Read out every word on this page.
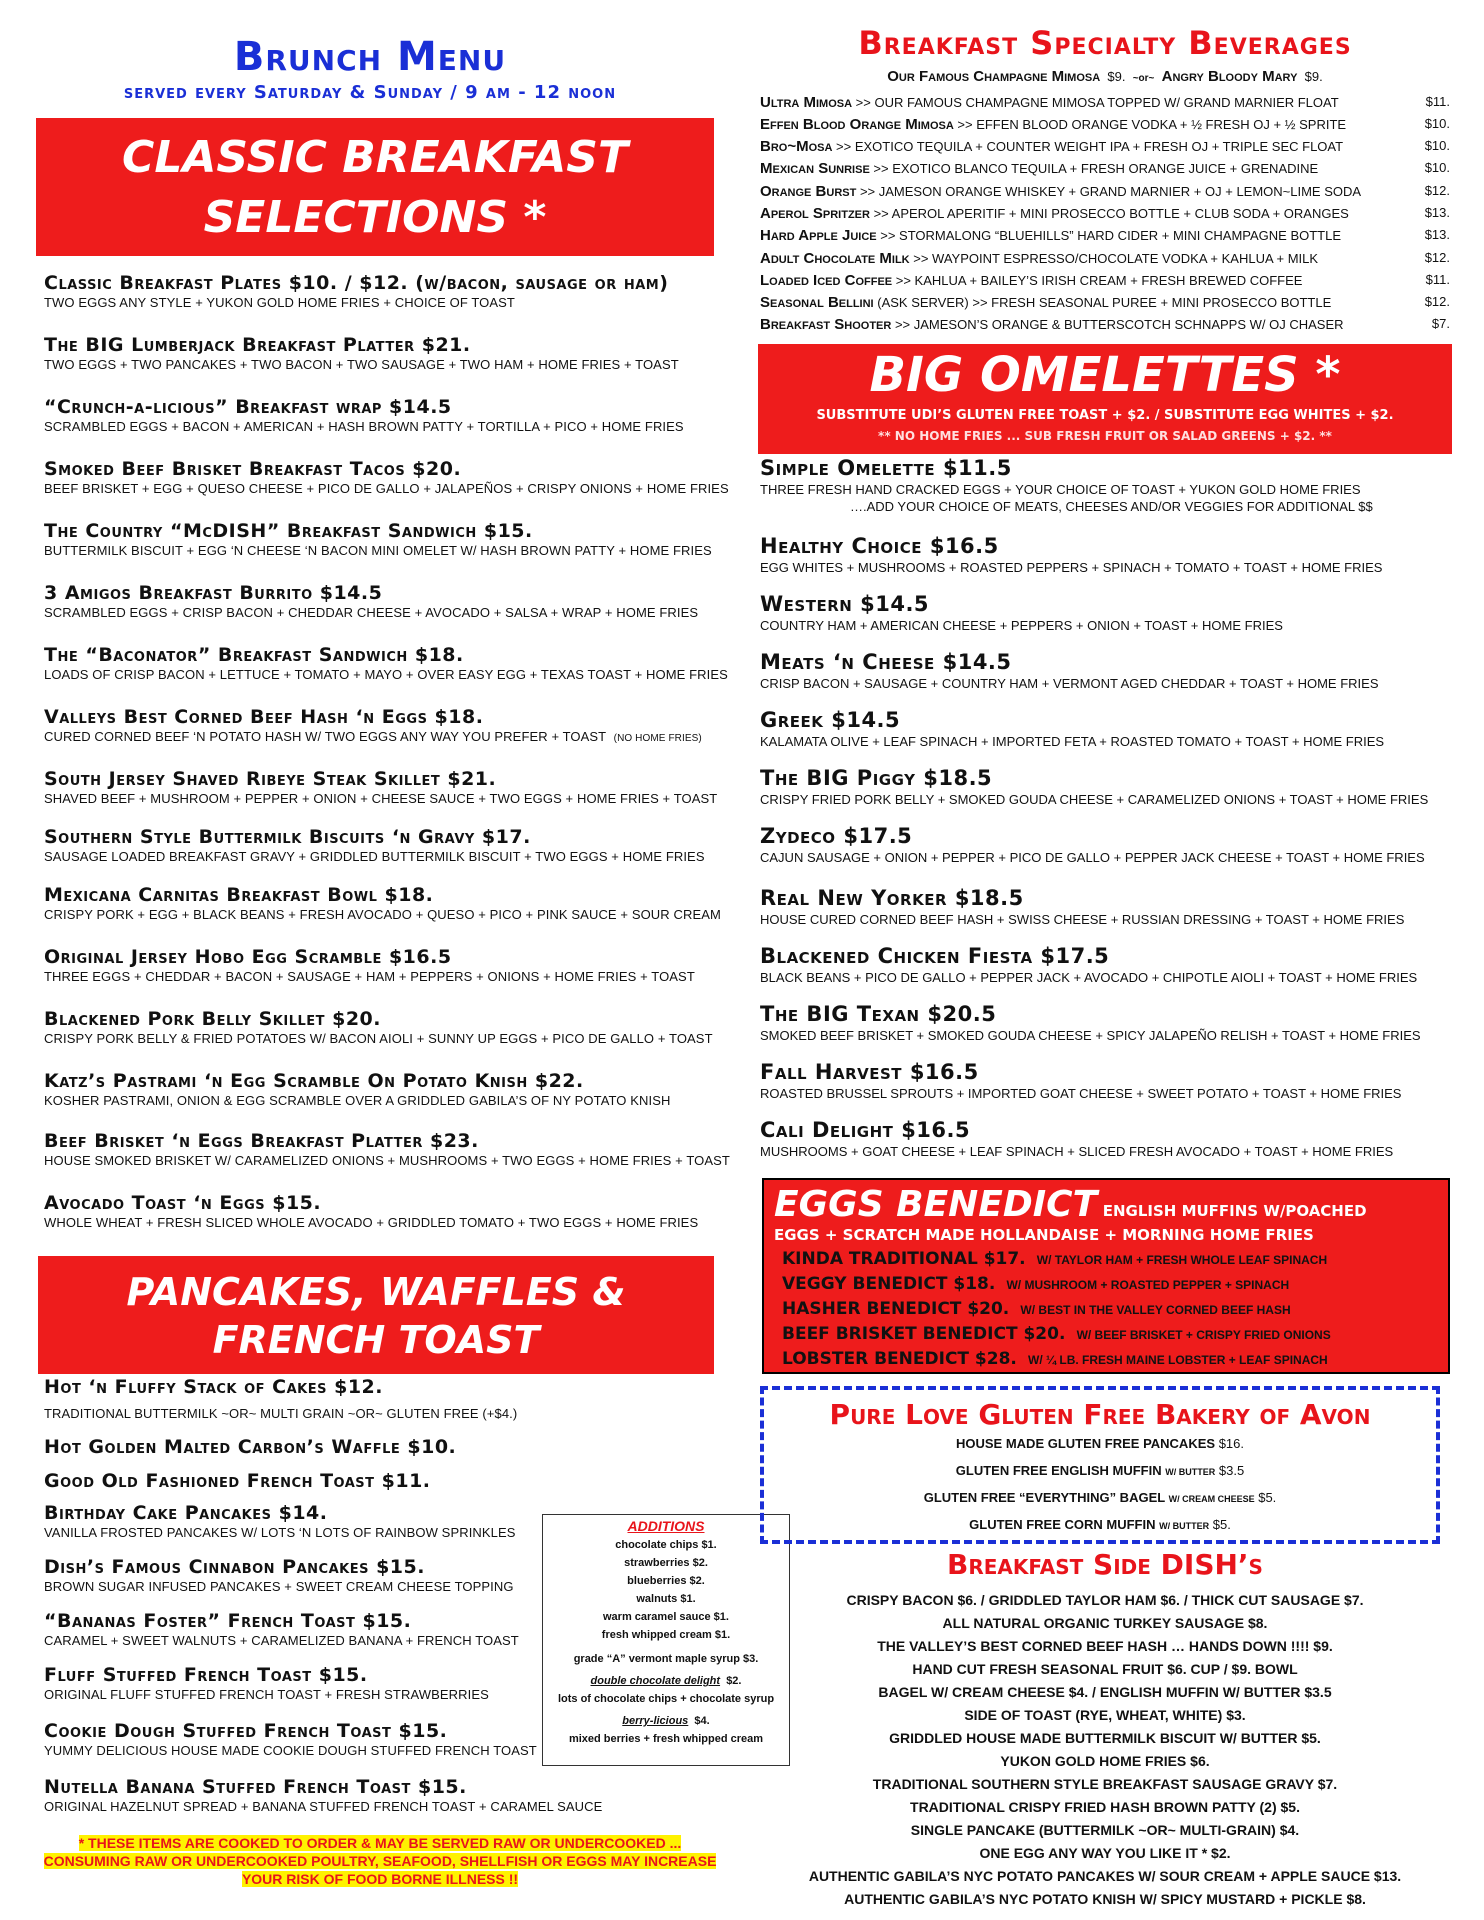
Brunch Menu
served every Saturday & Sunday / 9 am - 12 noon
CLASSIC BREAKFAST
SELECTIONS *
Classic Breakfast Plates $10. / $12. (w/bacon, sausage or ham)
TWO EGGS ANY STYLE + YUKON GOLD HOME FRIES + CHOICE OF TOAST
The BIG Lumberjack Breakfast Platter $21.
TWO EGGS + TWO PANCAKES + TWO BACON + TWO SAUSAGE + TWO HAM + HOME FRIES + TOAST
“Crunch-a-licious” Breakfast wrap $14.5
SCRAMBLED EGGS + BACON + AMERICAN + HASH BROWN PATTY + TORTILLA + PICO + HOME FRIES
Smoked Beef Brisket Breakfast Tacos $20.
BEEF BRISKET + EGG + QUESO CHEESE + PICO DE GALLO + JALAPEÑOS + CRISPY ONIONS + HOME FRIES
The Country “McDISH” Breakfast Sandwich $15.
BUTTERMILK BISCUIT + EGG ‘N CHEESE ‘N BACON MINI OMELET W/ HASH BROWN PATTY + HOME FRIES
3 Amigos Breakfast Burrito $14.5
SCRAMBLED EGGS + CRISP BACON + CHEDDAR CHEESE + AVOCADO + SALSA + WRAP + HOME FRIES
The “Baconator” Breakfast Sandwich $18.
LOADS OF CRISP BACON + LETTUCE + TOMATO + MAYO + OVER EASY EGG + TEXAS TOAST + HOME FRIES
Valleys Best Corned Beef Hash ‘n Eggs $18.
CURED CORNED BEEF ‘N POTATO HASH W/ TWO EGGS ANY WAY YOU PREFER + TOAST (NO HOME FRIES)
South Jersey Shaved Ribeye Steak Skillet $21.
SHAVED BEEF + MUSHROOM + PEPPER + ONION + CHEESE SAUCE + TWO EGGS + HOME FRIES + TOAST
Southern Style Buttermilk Biscuits ‘n Gravy $17.
SAUSAGE LOADED BREAKFAST GRAVY + GRIDDLED BUTTERMILK BISCUIT + TWO EGGS + HOME FRIES
Mexicana Carnitas Breakfast Bowl $18.
CRISPY PORK + EGG + BLACK BEANS + FRESH AVOCADO + QUESO + PICO + PINK SAUCE + SOUR CREAM
Original Jersey Hobo Egg Scramble $16.5
THREE EGGS + CHEDDAR + BACON + SAUSAGE + HAM + PEPPERS + ONIONS + HOME FRIES + TOAST
Blackened Pork Belly Skillet $20.
CRISPY PORK BELLY & FRIED POTATOES W/ BACON AIOLI + SUNNY UP EGGS + PICO DE GALLO + TOAST
Katz’s Pastrami ‘n Egg Scramble On Potato Knish $22.
KOSHER PASTRAMI, ONION & EGG SCRAMBLE OVER A GRIDDLED GABILA’S OF NY POTATO KNISH
Beef Brisket ‘n Eggs Breakfast Platter $23.
HOUSE SMOKED BRISKET W/ CARAMELIZED ONIONS + MUSHROOMS + TWO EGGS + HOME FRIES + TOAST
Avocado Toast ‘n Eggs $15.
WHOLE WHEAT + FRESH SLICED WHOLE AVOCADO + GRIDDLED TOMATO + TWO EGGS + HOME FRIES
PANCAKES, WAFFLES &
FRENCH TOAST
Hot ‘n Fluffy Stack of Cakes $12.
TRADITIONAL BUTTERMILK ~OR~ MULTI GRAIN ~OR~ GLUTEN FREE (+$4.)
Hot Golden Malted Carbon’s Waffle $10.
Good Old Fashioned French Toast $11.
Birthday Cake Pancakes $14.
VANILLA FROSTED PANCAKES W/ LOTS ‘N LOTS OF RAINBOW SPRINKLES
Dish’s Famous Cinnabon Pancakes $15.
BROWN SUGAR INFUSED PANCAKES + SWEET CREAM CHEESE TOPPING
“Bananas Foster” French Toast $15.
CARAMEL + SWEET WALNUTS + CARAMELIZED BANANA + FRENCH TOAST
Fluff Stuffed French Toast $15.
ORIGINAL FLUFF STUFFED FRENCH TOAST + FRESH STRAWBERRIES
Cookie Dough Stuffed French Toast $15.
YUMMY DELICIOUS HOUSE MADE COOKIE DOUGH STUFFED FRENCH TOAST
Nutella Banana Stuffed French Toast $15.
ORIGINAL HAZELNUT SPREAD + BANANA STUFFED FRENCH TOAST + CARAMEL SAUCE
ADDITIONS
chocolate chips $1.
strawberries $2.
blueberries $2.
walnuts $1.
warm caramel sauce $1.
fresh whipped cream $1.
grade “A” vermont maple syrup $3.
double chocolate delight $2.
lots of chocolate chips + chocolate syrup
berry-licious $4.
mixed berries + fresh whipped cream
* THESE ITEMS ARE COOKED TO ORDER & MAY BE SERVED RAW OR UNDERCOOKED ...
CONSUMING RAW OR UNDERCOOKED POULTRY, SEAFOOD, SHELLFISH OR EGGS MAY INCREASE
YOUR RISK OF FOOD BORNE ILLNESS !!
Breakfast Specialty Beverages
Our Famous Champagne Mimosa $9. ~or~ Angry Bloody Mary $9.
Ultra Mimosa >> OUR FAMOUS CHAMPAGNE MIMOSA TOPPED W/ GRAND MARNIER FLOAT	$11.
Effen Blood Orange Mimosa >> EFFEN BLOOD ORANGE VODKA + ½ FRESH OJ + ½ SPRITE	$10.
Bro~Mosa >> EXOTICO TEQUILA + COUNTER WEIGHT IPA + FRESH OJ + TRIPLE SEC FLOAT	$10.
Mexican Sunrise >> EXOTICO BLANCO TEQUILA + FRESH ORANGE JUICE + GRENADINE	$10.
Orange Burst >> JAMESON ORANGE WHISKEY + GRAND MARNIER + OJ + LEMON~LIME SODA	$12.
Aperol Spritzer >> APEROL APERITIF + MINI PROSECCO BOTTLE + CLUB SODA + ORANGES	$13.
Hard Apple Juice >> STORMALONG “BLUEHILLS” HARD CIDER + MINI CHAMPAGNE BOTTLE	$13.
Adult Chocolate Milk >> WAYPOINT ESPRESSO/CHOCOLATE VODKA + KAHLUA + MILK	$12.
Loaded Iced Coffee >> KAHLUA + BAILEY’S IRISH CREAM + FRESH BREWED COFFEE	$11.
Seasonal Bellini (ASK SERVER) >> FRESH SEASONAL PUREE + MINI PROSECCO BOTTLE	$12.
Breakfast Shooter >> JAMESON’S ORANGE & BUTTERSCOTCH SCHNAPPS W/ OJ CHASER	$7.
BIG OMELETTES *
SUBSTITUTE UDI’S GLUTEN FREE TOAST + $2. / SUBSTITUTE EGG WHITES + $2.
** NO HOME FRIES ... SUB FRESH FRUIT OR SALAD GREENS + $2. **
Simple Omelette $11.5
THREE FRESH HAND CRACKED EGGS + YOUR CHOICE OF TOAST + YUKON GOLD HOME FRIES
….ADD YOUR CHOICE OF MEATS, CHEESES AND/OR VEGGIES FOR ADDITIONAL $$
Healthy Choice $16.5
EGG WHITES + MUSHROOMS + ROASTED PEPPERS + SPINACH + TOMATO + TOAST + HOME FRIES
Western $14.5
COUNTRY HAM + AMERICAN CHEESE + PEPPERS + ONION + TOAST + HOME FRIES
Meats ‘n Cheese $14.5
CRISP BACON + SAUSAGE + COUNTRY HAM + VERMONT AGED CHEDDAR + TOAST + HOME FRIES
Greek $14.5
KALAMATA OLIVE + LEAF SPINACH + IMPORTED FETA + ROASTED TOMATO + TOAST + HOME FRIES
The BIG Piggy $18.5
CRISPY FRIED PORK BELLY + SMOKED GOUDA CHEESE + CARAMELIZED ONIONS + TOAST + HOME FRIES
Zydeco $17.5
CAJUN SAUSAGE + ONION + PEPPER + PICO DE GALLO + PEPPER JACK CHEESE + TOAST + HOME FRIES
Real New Yorker $18.5
HOUSE CURED CORNED BEEF HASH + SWISS CHEESE + RUSSIAN DRESSING + TOAST + HOME FRIES
Blackened Chicken Fiesta $17.5
BLACK BEANS + PICO DE GALLO + PEPPER JACK + AVOCADO + CHIPOTLE AIOLI + TOAST + HOME FRIES
The BIG Texan $20.5
SMOKED BEEF BRISKET + SMOKED GOUDA CHEESE + SPICY JALAPEÑO RELISH + TOAST + HOME FRIES
Fall Harvest $16.5
ROASTED BRUSSEL SPROUTS + IMPORTED GOAT CHEESE + SWEET POTATO + TOAST + HOME FRIES
Cali Delight $16.5
MUSHROOMS + GOAT CHEESE + LEAF SPINACH + SLICED FRESH AVOCADO + TOAST + HOME FRIES
EGGS BENEDICT ENGLISH MUFFINS W/POACHED
EGGS + SCRATCH MADE HOLLANDAISE + MORNING HOME FRIES
KINDA TRADITIONAL $17. W/ TAYLOR HAM + FRESH WHOLE LEAF SPINACH
VEGGY BENEDICT $18. W/ MUSHROOM + ROASTED PEPPER + SPINACH
HASHER BENEDICT $20. W/ BEST IN THE VALLEY CORNED BEEF HASH
BEEF BRISKET BENEDICT $20. W/ BEEF BRISKET + CRISPY FRIED ONIONS
LOBSTER BENEDICT $28. W/ ¼ LB. FRESH MAINE LOBSTER + LEAF SPINACH
Pure Love Gluten Free Bakery of Avon
HOUSE MADE GLUTEN FREE PANCAKES $16.
GLUTEN FREE ENGLISH MUFFIN W/ BUTTER $3.5
GLUTEN FREE “EVERYTHING” BAGEL W/ CREAM CHEESE $5.
GLUTEN FREE CORN MUFFIN W/ BUTTER $5.
Breakfast Side DISH’s
CRISPY BACON $6. / GRIDDLED TAYLOR HAM $6. / THICK CUT SAUSAGE $7.
ALL NATURAL ORGANIC TURKEY SAUSAGE $8.
THE VALLEY’S BEST CORNED BEEF HASH … HANDS DOWN !!!! $9.
HAND CUT FRESH SEASONAL FRUIT $6. CUP / $9. BOWL
BAGEL W/ CREAM CHEESE $4. / ENGLISH MUFFIN W/ BUTTER $3.5
SIDE OF TOAST (RYE, WHEAT, WHITE) $3.
GRIDDLED HOUSE MADE BUTTERMILK BISCUIT W/ BUTTER $5.
YUKON GOLD HOME FRIES $6.
TRADITIONAL SOUTHERN STYLE BREAKFAST SAUSAGE GRAVY $7.
TRADITIONAL CRISPY FRIED HASH BROWN PATTY (2) $5.
SINGLE PANCAKE (BUTTERMILK ~OR~ MULTI-GRAIN) $4.
ONE EGG ANY WAY YOU LIKE IT * $2.
AUTHENTIC GABILA’S NYC POTATO PANCAKES W/ SOUR CREAM + APPLE SAUCE $13.
AUTHENTIC GABILA’S NYC POTATO KNISH W/ SPICY MUSTARD + PICKLE $8.
